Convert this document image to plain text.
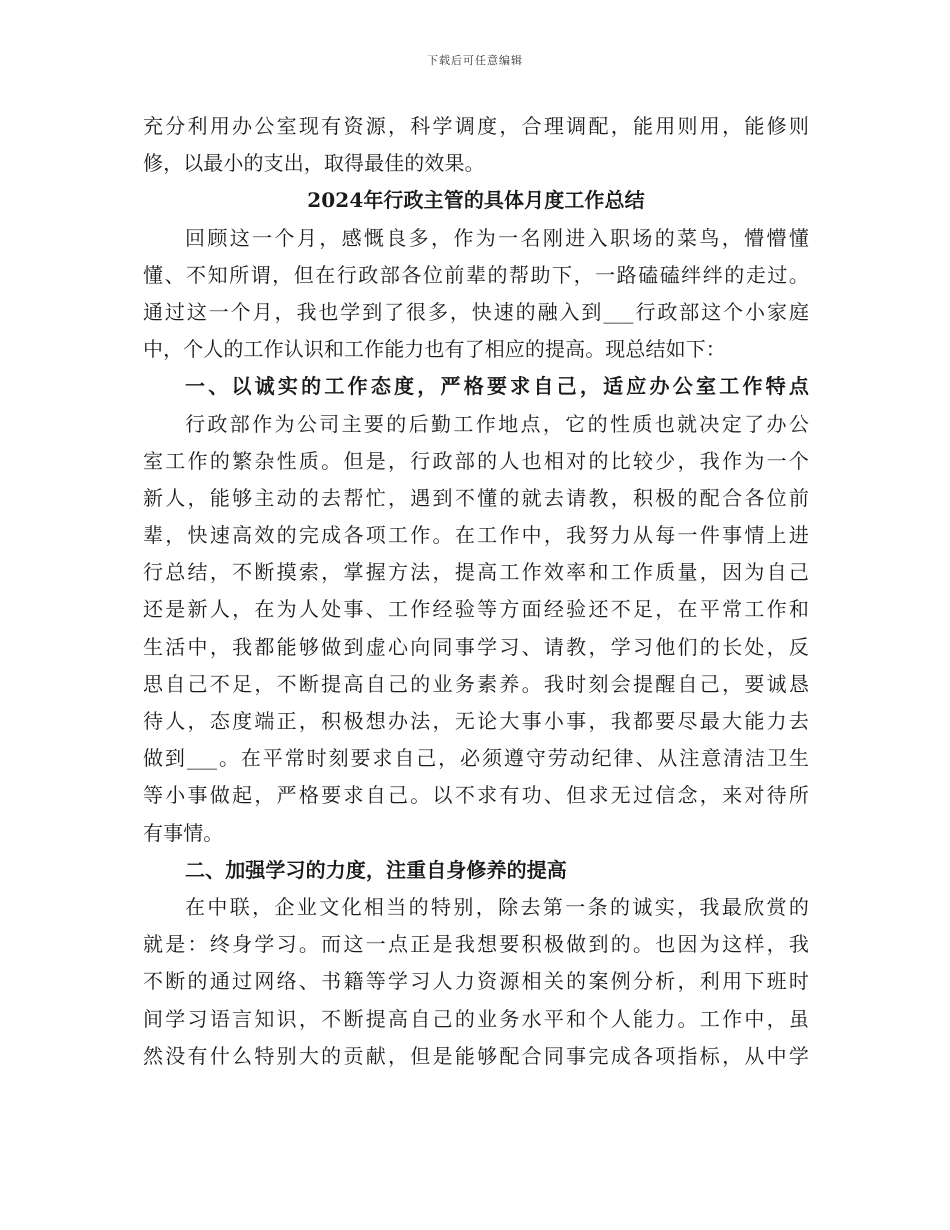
下载后可任意编辑
充分利用办公室现有资源，科学调度，合理调配，能用则用，能修则
修，以最小的支出，取得最佳的效果。
2024年行政主管的具体月度工作总结
回顾这一个月，感慨良多，作为一名刚进入职场的菜鸟，懵懵懂
懂、不知所谓，但在行政部各位前辈的帮助下，一路磕磕绊绊的走过。
通过这一个月，我也学到了很多，快速的融入到___行政部这个小家庭
中，个人的工作认识和工作能力也有了相应的提高。现总结如下：
一、以诚实的工作态度，严格要求自己，适应办公室工作特点
行政部作为公司主要的后勤工作地点，它的性质也就决定了办公
室工作的繁杂性质。但是，行政部的人也相对的比较少，我作为一个
新人，能够主动的去帮忙，遇到不懂的就去请教，积极的配合各位前
辈，快速高效的完成各项工作。在工作中，我努力从每一件事情上进
行总结，不断摸索，掌握方法，提高工作效率和工作质量，因为自己
还是新人，在为人处事、工作经验等方面经验还不足，在平常工作和
生活中，我都能够做到虚心向同事学习、请教，学习他们的长处，反
思自己不足，不断提高自己的业务素养。我时刻会提醒自己，要诚恳
待人，态度端正，积极想办法，无论大事小事，我都要尽最大能力去
做到___。在平常时刻要求自己，必须遵守劳动纪律、从注意清洁卫生
等小事做起，严格要求自己。以不求有功、但求无过信念，来对待所
有事情。
二、加强学习的力度，注重自身修养的提高
在中联，企业文化相当的特别，除去第一条的诚实，我最欣赏的
就是：终身学习。而这一点正是我想要积极做到的。也因为这样，我
不断的通过网络、书籍等学习人力资源相关的案例分析，利用下班时
间学习语言知识，不断提高自己的业务水平和个人能力。工作中，虽
然没有什么特别大的贡献，但是能够配合同事完成各项指标，从中学
